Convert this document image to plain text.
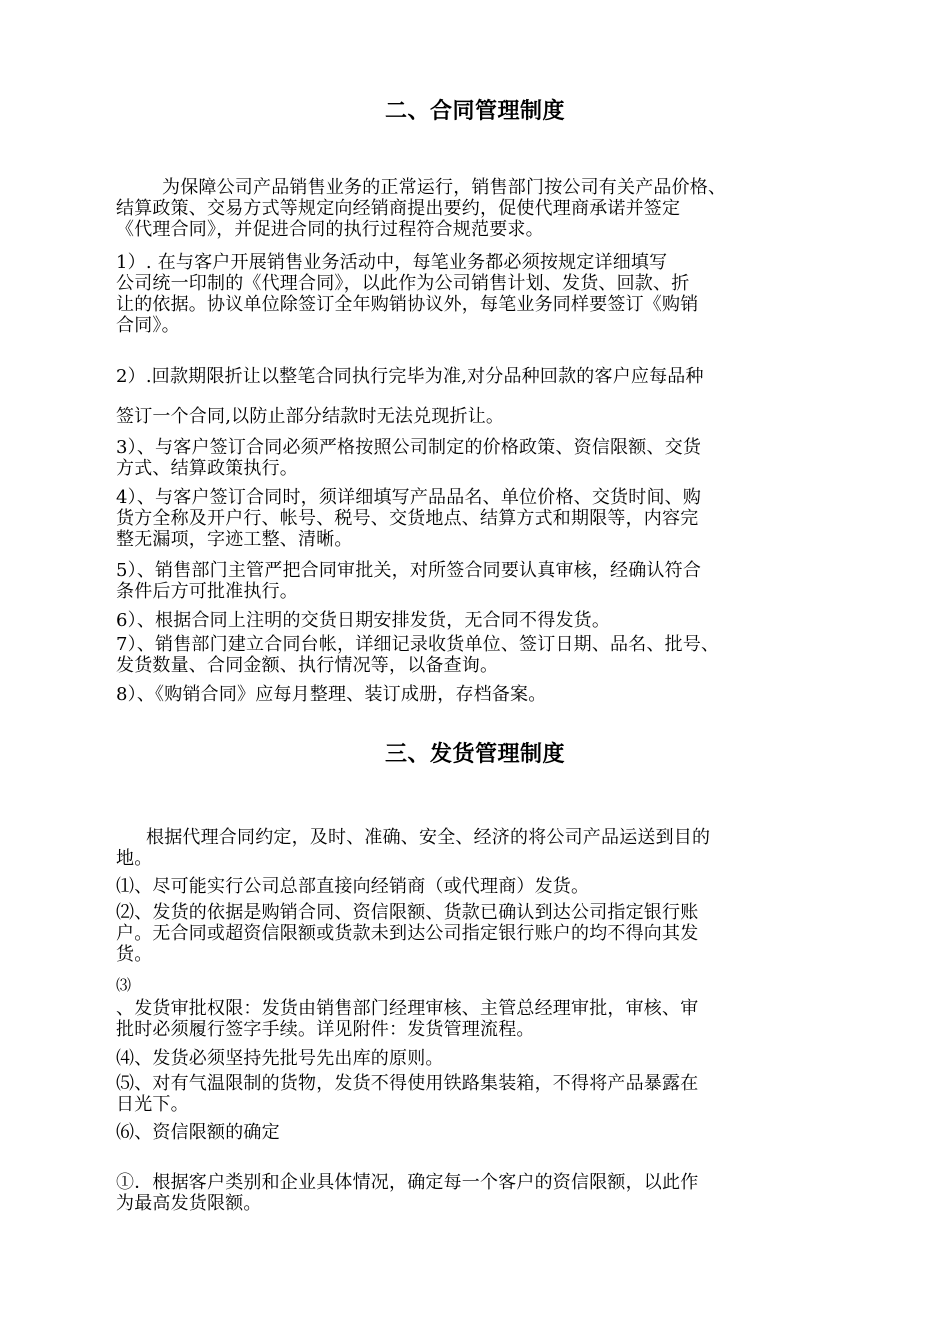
二、合同管理制度
为保障公司产品销售业务的正常运行，销售部门按公司有关产品价格、
结算政策、交易方式等规定向经销商提出要约，促使代理商承诺并签定
《代理合同》，并促进合同的执行过程符合规范要求。
1）. 在与客户开展销售业务活动中，每笔业务都必须按规定详细填写
公司统一印制的《代理合同》，以此作为公司销售计划、发货、回款、折
让的依据。协议单位除签订全年购销协议外，每笔业务同样要签订《购销
合同》。
2）.回款期限折让以整笔合同执行完毕为准,对分品种回款的客户应每品种
签订一个合同,以防止部分结款时无法兑现折让。
3）、与客户签订合同必须严格按照公司制定的价格政策、资信限额、交货
方式、结算政策执行。
4）、与客户签订合同时，须详细填写产品品名、单位价格、交货时间、购
货方全称及开户行、帐号、税号、交货地点、结算方式和期限等，内容完
整无漏项，字迹工整、清晰。
5）、销售部门主管严把合同审批关，对所签合同要认真审核，经确认符合
条件后方可批准执行。
6）、根据合同上注明的交货日期安排发货，无合同不得发货。
7）、销售部门建立合同台帐，详细记录收货单位、签订日期、品名、批号、
发货数量、合同金额、执行情况等，以备查询。
8）、《购销合同》应每月整理、装订成册，存档备案。
三、发货管理制度
根据代理合同约定，及时、准确、安全、经济的将公司产品运送到目的
地。
⑴、尽可能实行公司总部直接向经销商（或代理商）发货。
⑵、发货的依据是购销合同、资信限额、货款已确认到达公司指定银行账
户。无合同或超资信限额或货款未到达公司指定银行账户的均不得向其发
货。
⑶
、发货审批权限：发货由销售部门经理审核、主管总经理审批，审核、审
批时必须履行签字手续。详见附件：发货管理流程。
⑷、发货必须坚持先批号先出库的原则。
⑸、对有气温限制的货物，发货不得使用铁路集装箱，不得将产品暴露在
日光下。
⑹、资信限额的确定
①．根据客户类别和企业具体情况，确定每一个客户的资信限额，以此作
为最高发货限额。
